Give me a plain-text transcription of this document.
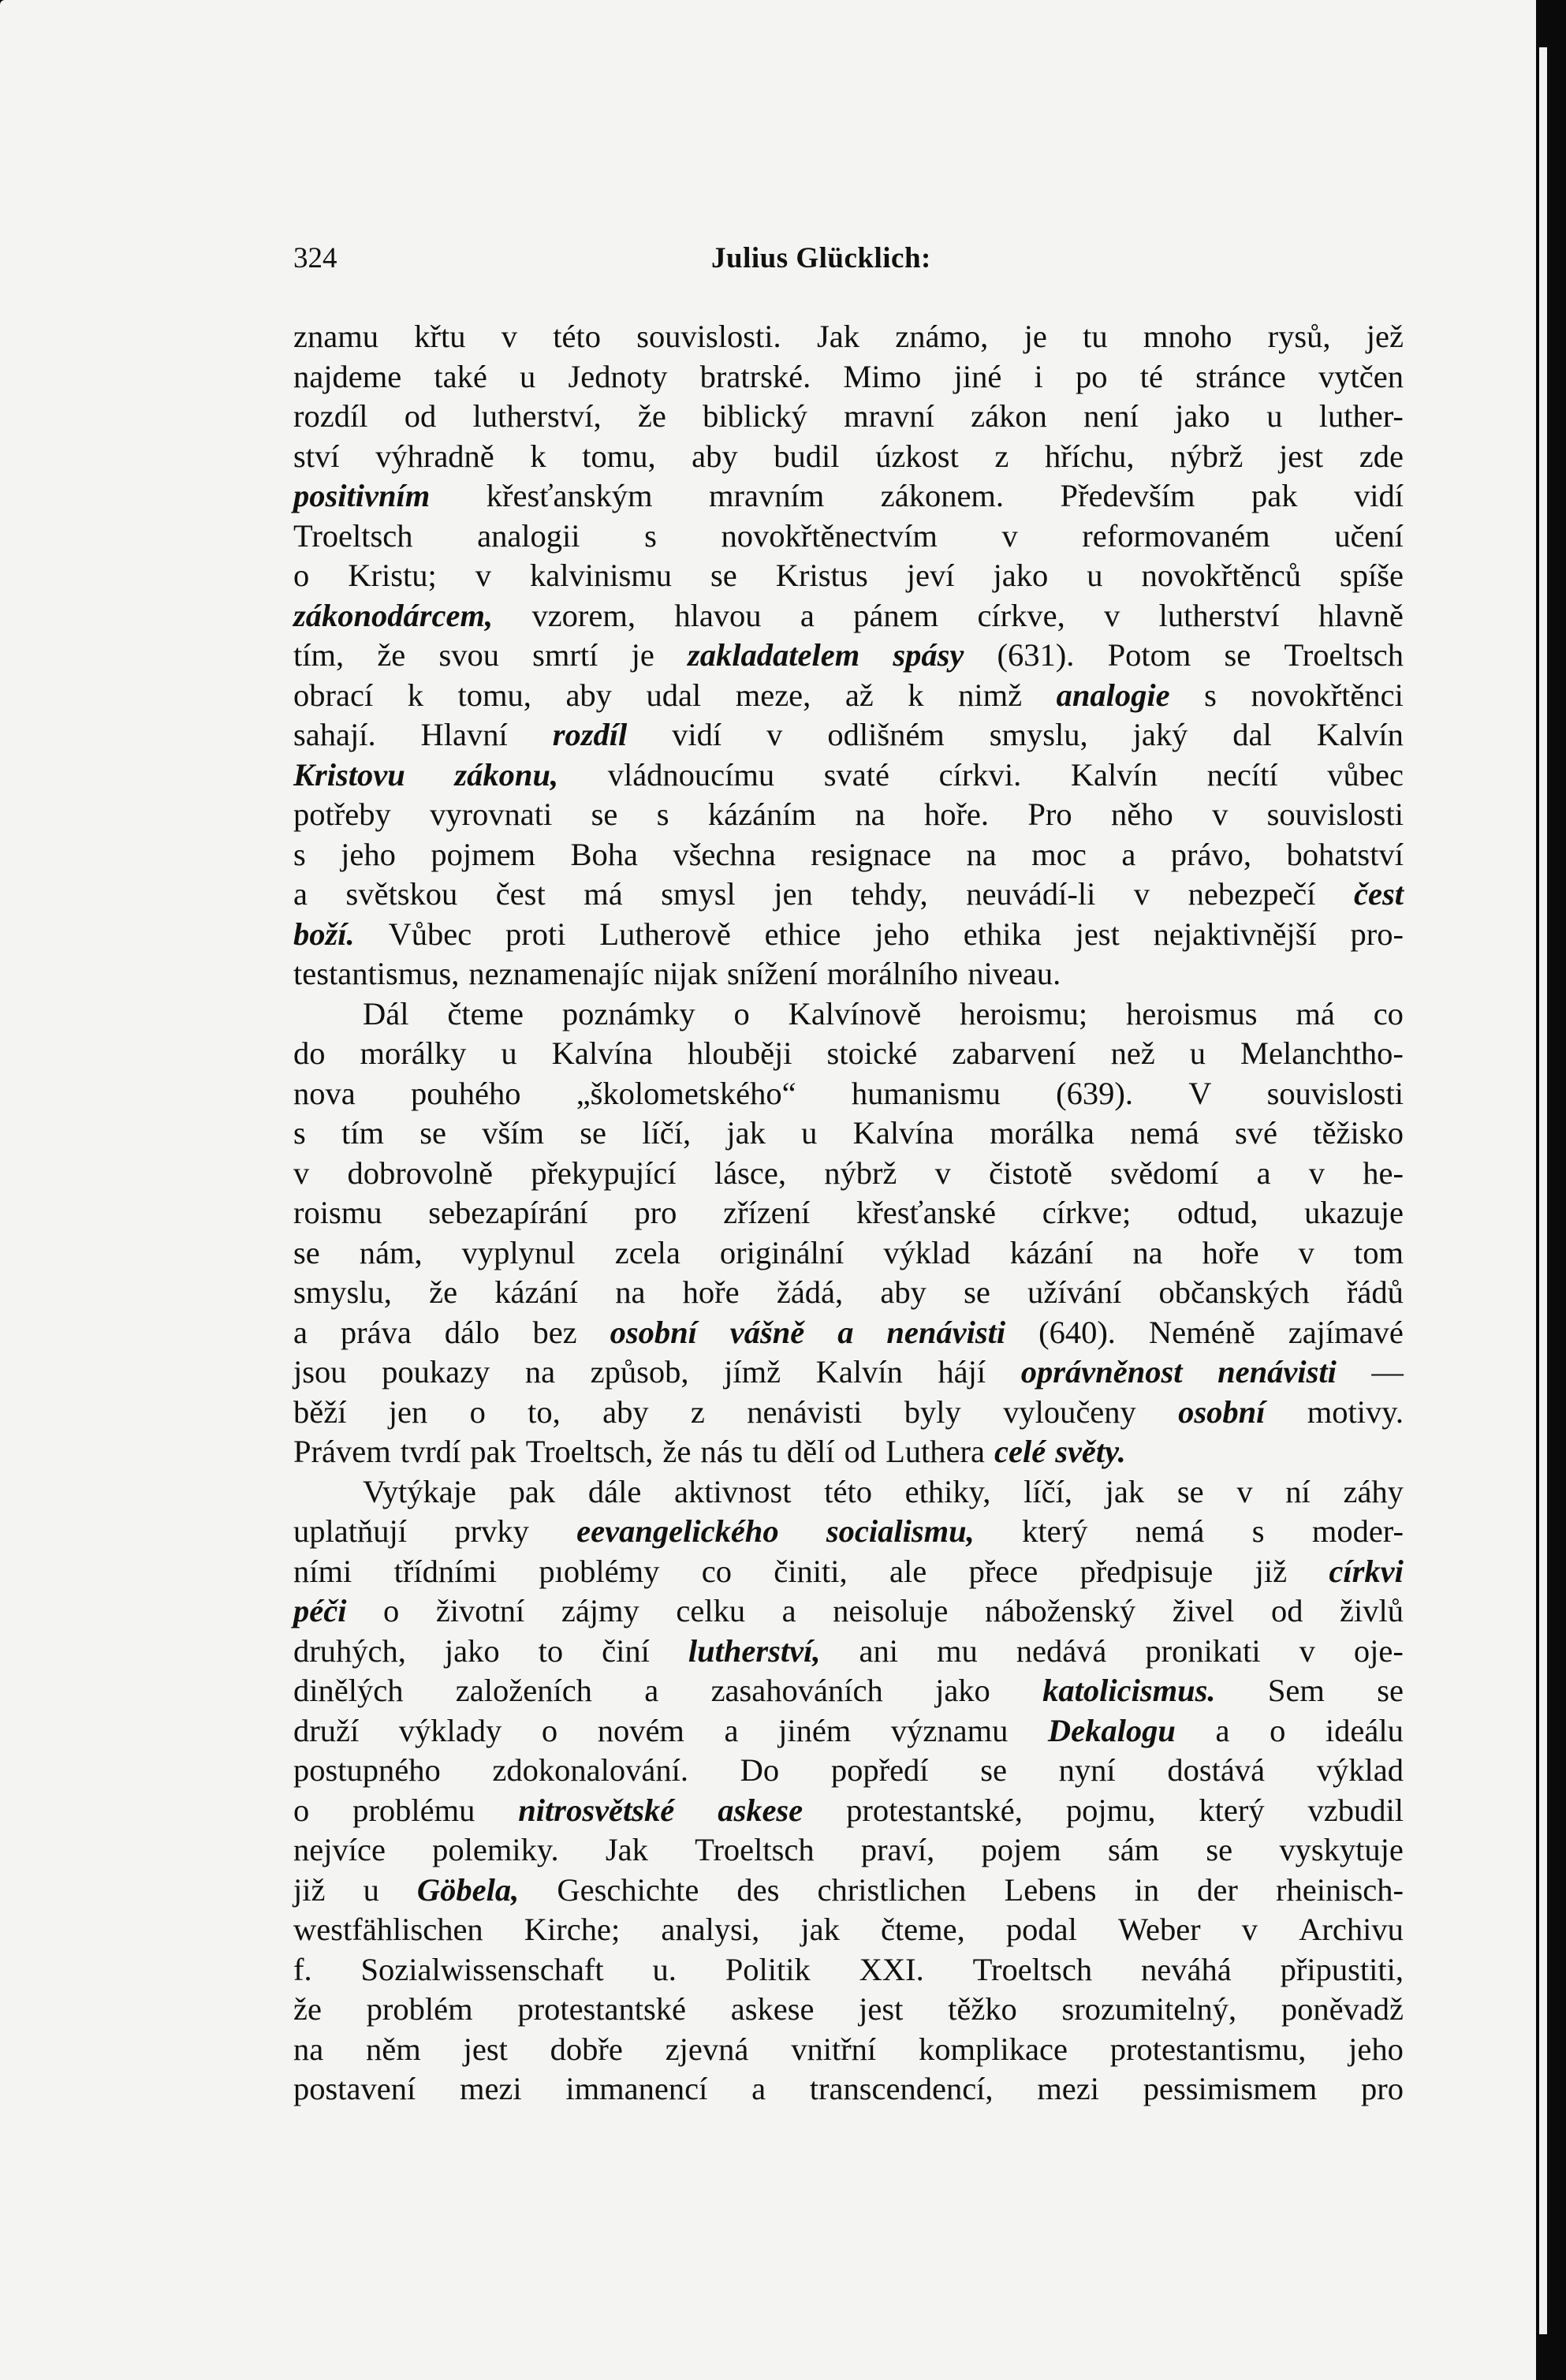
324	Julius Glücklich:
znamu křtu v této souvislosti. Jak známo, je tu mnoho rysů, jež
najdeme také u Jednoty bratrské. Mimo jiné i po té stránce vytčen
rozdíl od lutherství, že biblický mravní zákon není jako u luther-
ství výhradně k tomu, aby budil úzkost z hříchu, nýbrž jest zde
positivním křesťanským mravním zákonem. Především pak vidí
Troeltsch analogii s novokřtěnectvím v reformovaném učení
o Kristu; v kalvinismu se Kristus jeví jako u novokřtěnců spíše
zákonodárcem, vzorem, hlavou a pánem církve, v lutherství hlavně
tím, že svou smrtí je zakladatelem spásy (631). Potom se Troeltsch
obrací k tomu, aby udal meze, až k nimž analogie s novokřtěnci
sahají. Hlavní rozdíl vidí v odlišném smyslu, jaký dal Kalvín
Kristovu zákonu, vládnoucímu svaté církvi. Kalvín necítí vůbec
potřeby vyrovnati se s kázáním na hoře. Pro něho v souvislosti
s jeho pojmem Boha všechna resignace na moc a právo, bohatství
a světskou čest má smysl jen tehdy, neuvádí-li v nebezpečí čest
boží. Vůbec proti Lutherově ethice jeho ethika jest nejaktivnější pro-
testantismus, neznamenajíc nijak snížení morálního niveau.
Dál čteme poznámky o Kalvínově heroismu; heroismus má co
do morálky u Kalvína hlouběji stoické zabarvení než u Melanchtho-
nova pouhého „školometského“ humanismu (639). V souvislosti
s tím se vším se líčí, jak u Kalvína morálka nemá své těžisko
v dobrovolně překypující lásce, nýbrž v čistotě svědomí a v he-
roismu sebezapírání pro zřízení křesťanské církve; odtud, ukazuje
se nám, vyplynul zcela originální výklad kázání na hoře v tom
smyslu, že kázání na hoře žádá, aby se užívání občanských řádů
a práva dálo bez osobní vášně a nenávisti (640). Neméně zajímavé
jsou poukazy na způsob, jímž Kalvín hájí oprávněnost nenávisti —
běží jen o to, aby z nenávisti byly vyloučeny osobní motivy.
Právem tvrdí pak Troeltsch, že nás tu dělí od Luthera celé světy.
Vytýkaje pak dále aktivnost této ethiky, líčí, jak se v ní záhy
uplatňují prvky eevangelického socialismu, který nemá s moder-
ními třídními pıoblémy co činiti, ale přece předpisuje již církvi
péči o životní zájmy celku a neisoluje náboženský živel od živlů
druhých, jako to činí lutherství, ani mu nedává pronikati v oje-
dinělých založeních a zasahováních jako katolicismus. Sem se
druží výklady o novém a jiném významu Dekalogu a o ideálu
postupného zdokonalování. Do popředí se nyní dostává výklad
o problému nitrosvětské askese protestantské, pojmu, který vzbudil
nejvíce polemiky. Jak Troeltsch praví, pojem sám se vyskytuje
již u Göbela, Geschichte des christlichen Lebens in der rheinisch-
westfählischen Kirche; analysi, jak čteme, podal Weber v Archivu
f. Sozialwissenschaft u. Politik XXI. Troeltsch neváhá připustiti,
že problém protestantské askese jest těžko srozumitelný, poněvadž
na něm jest dobře zjevná vnitřní komplikace protestantismu, jeho
postavení mezi immanencí a transcendencí, mezi pessimismem pro
